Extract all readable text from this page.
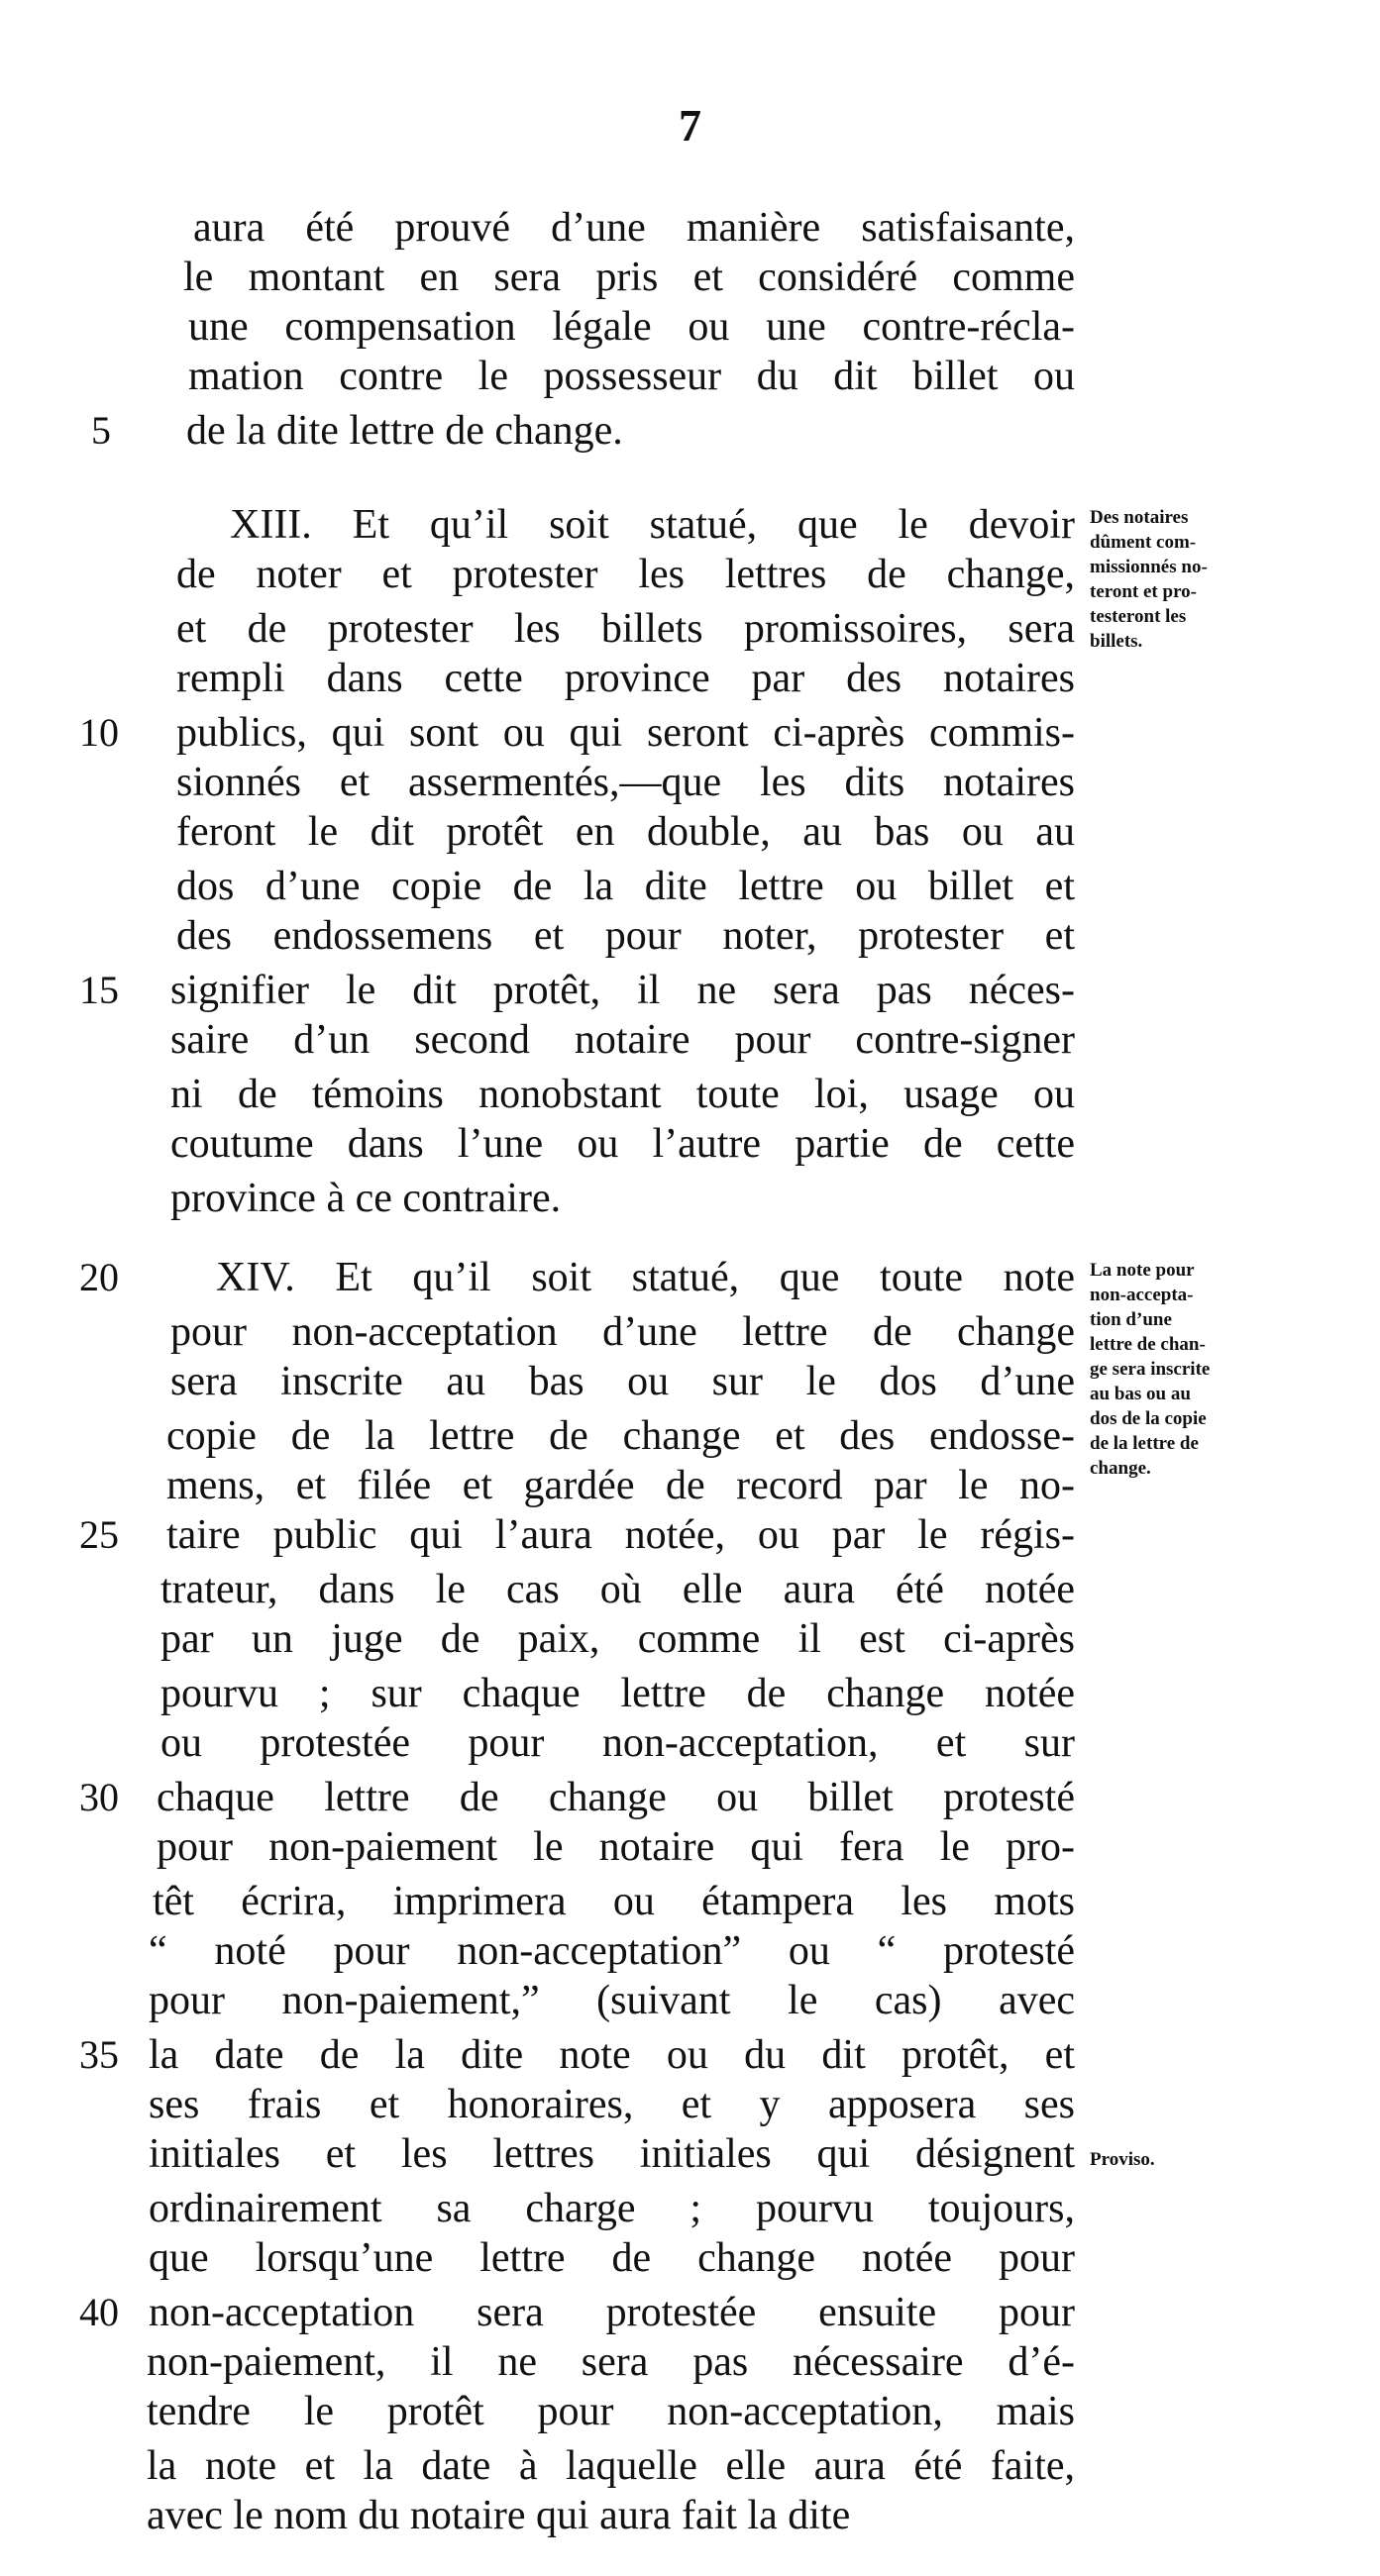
7
aura été prouvé d’une manière satisfaisante,
le montant en sera pris et considéré comme
une compensation légale ou une contre-récla-
mation contre le possesseur du dit billet ou
5 de la dite lettre de change.
XIII. Et qu’il soit statué, que le devoir
de noter et protester les lettres de change,
et de protester les billets promissoires, sera
rempli dans cette province par des notaires
10 publics, qui sont ou qui seront ci-après commis-
sionnés et assermentés,—que les dits notaires
feront le dit protêt en double, au bas ou au
dos d’une copie de la dite lettre ou billet et
des endossemens et pour noter, protester et
15 signifier le dit protêt, il ne sera pas néces-
saire d’un second notaire pour contre-signer
ni de témoins nonobstant toute loi, usage ou
coutume dans l’une ou l’autre partie de cette
province à ce contraire.
20 XIV. Et qu’il soit statué, que toute note
pour non-acceptation d’une lettre de change
sera inscrite au bas ou sur le dos d’une
copie de la lettre de change et des endosse-
mens, et filée et gardée de record par le no-
25 taire public qui l’aura notée, ou par le régis-
trateur, dans le cas où elle aura été notée
par un juge de paix, comme il est ci-après
pourvu ; sur chaque lettre de change notée
ou protestée pour non-acceptation, et sur
30 chaque lettre de change ou billet protesté
pour non-paiement le notaire qui fera le pro-
têt écrira, imprimera ou étampera les mots
“ noté pour non-acceptation” ou “ protesté
pour non-paiement,” (suivant le cas) avec
35 la date de la dite note ou du dit protêt, et
ses frais et honoraires, et y apposera ses
initiales et les lettres initiales qui désignent
ordinairement sa charge ; pourvu toujours,
que lorsqu’une lettre de change notée pour
40 non-acceptation sera protestée ensuite pour
non-paiement, il ne sera pas nécessaire d’é-
tendre le protêt pour non-acceptation, mais
la note et la date à laquelle elle aura été faite,
avec le nom du notaire qui aura fait la dite
Des notaires
dûment com-
missionnés no-
teront et pro-
testeront les
billets.
La note pour
non-accepta-
tion d’une
lettre de chan-
ge sera inscrite
au bas ou au
dos de la copie
de la lettre de
change.
Proviso.
